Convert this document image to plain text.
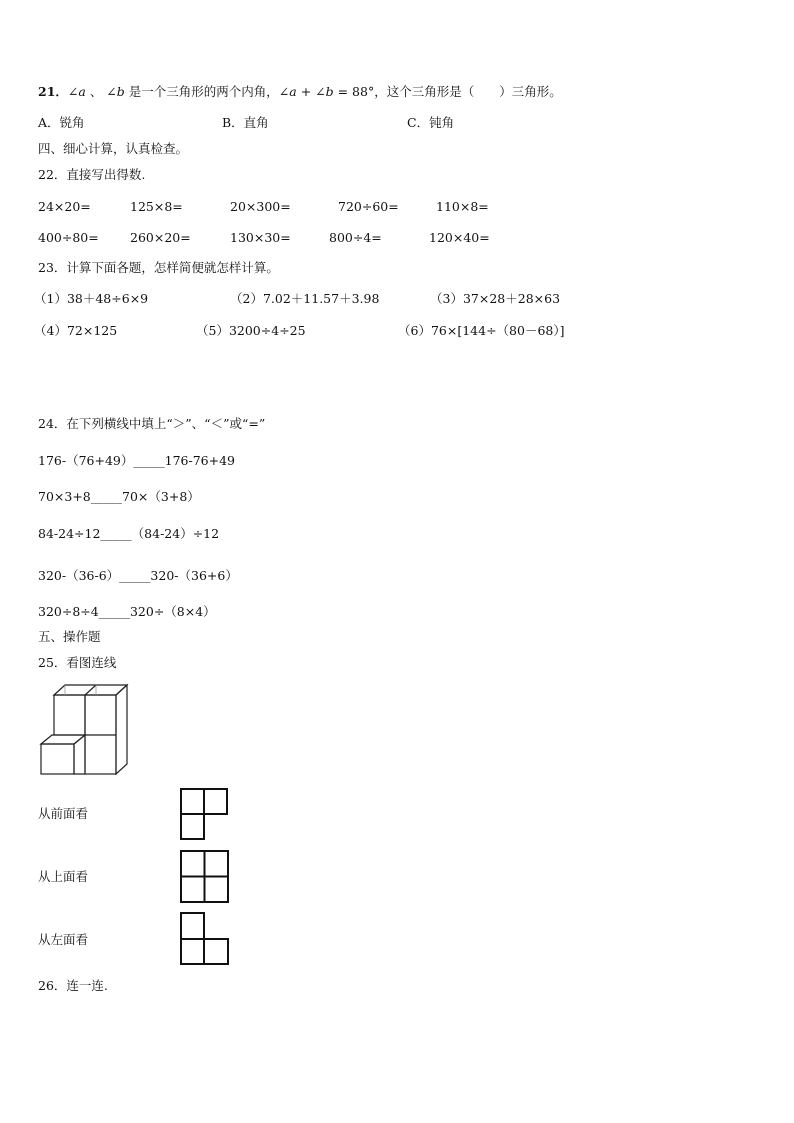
21．∠a 、 ∠b 是一个三角形的两个内角，∠a + ∠b = 88°，这个三角形是（　　）三角形。
A．锐角	B．直角	C．钝角
四、细心计算，认真检查。
22．直接写出得数.
24×20=	125×8=	20×300=	720÷60=	110×8=
400÷80=	260×20=	130×30=	800÷4=	120×40=
23．计算下面各题，怎样简便就怎样计算。
（1）38＋48÷6×9	（2）7.02＋11.57＋3.98	（3）37×28＋28×63
（4）72×125	（5）3200÷4÷25	（6）76×[144÷（80－68）]
24．在下列横线中填上“＞”、“＜”或“=”
176-（76+49）_____176-76+49
70×3+8_____70×（3+8）
84-24÷12_____（84-24）÷12
320-（36-6）_____320-（36+6）
320÷8÷4_____320÷（8×4）
五、操作题
25．看图连线
从前面看
从上面看
从左面看
26．连一连.
